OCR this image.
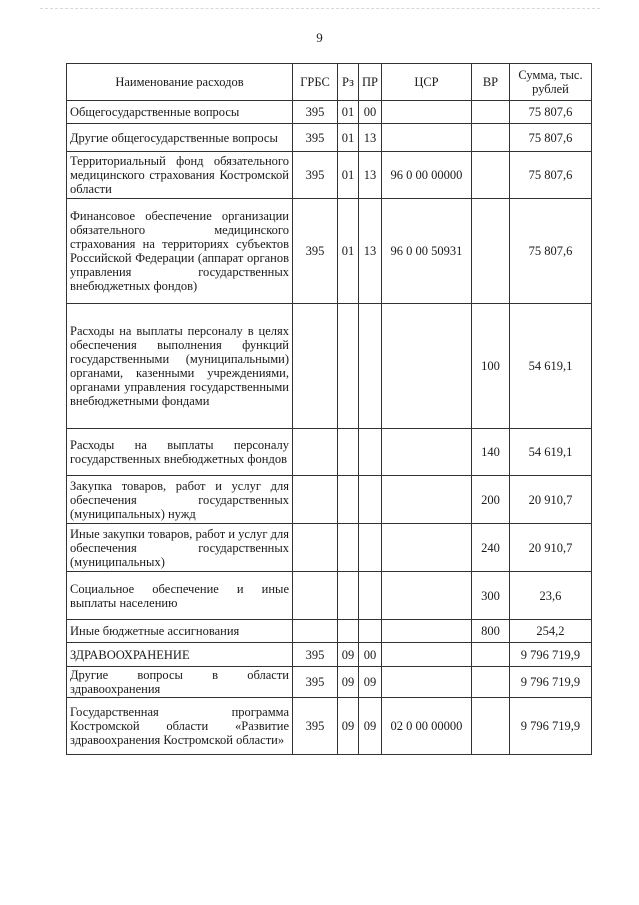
9
Наименование расходов	ГРБС	Рз	ПР	ЦСР	ВР	Сумма, тыс. рублей
Общегосударственные вопросы	395	01	00			75 807,6
Другие общегосударственные вопросы	395	01	13			75 807,6
Территориальный фонд обязательного медицинского страхования Костромской области	395	01	13	96 0 00 00000		75 807,6
Финансовое обеспечение организации обязательного медицинского страхования на территориях субъектов Российской Федерации (аппарат органов управления государственных внебюджетных фондов)	395	01	13	96 0 00 50931		75 807,6
Расходы на выплаты персоналу в целях обеспечения выполнения функций государственными (муниципальными) органами, казенными учреждениями, органами управления государственными внебюджетными фондами					100	54 619,1
Расходы на выплаты персоналу государственных внебюджетных фондов					140	54 619,1
Закупка товаров, работ и услуг для обеспечения государственных (муниципальных) нужд					200	20 910,7
Иные закупки товаров, работ и услуг для обеспечения государственных (муниципальных)					240	20 910,7
Социальное обеспечение и иные выплаты населению					300	23,6
Иные бюджетные ассигнования					800	254,2
ЗДРАВООХРАНЕНИЕ	395	09	00			9 796 719,9
Другие вопросы в области здравоохранения	395	09	09			9 796 719,9
Государственная программа Костромской области «Развитие здравоохранения Костромской области»	395	09	09	02 0 00 00000		9 796 719,9
